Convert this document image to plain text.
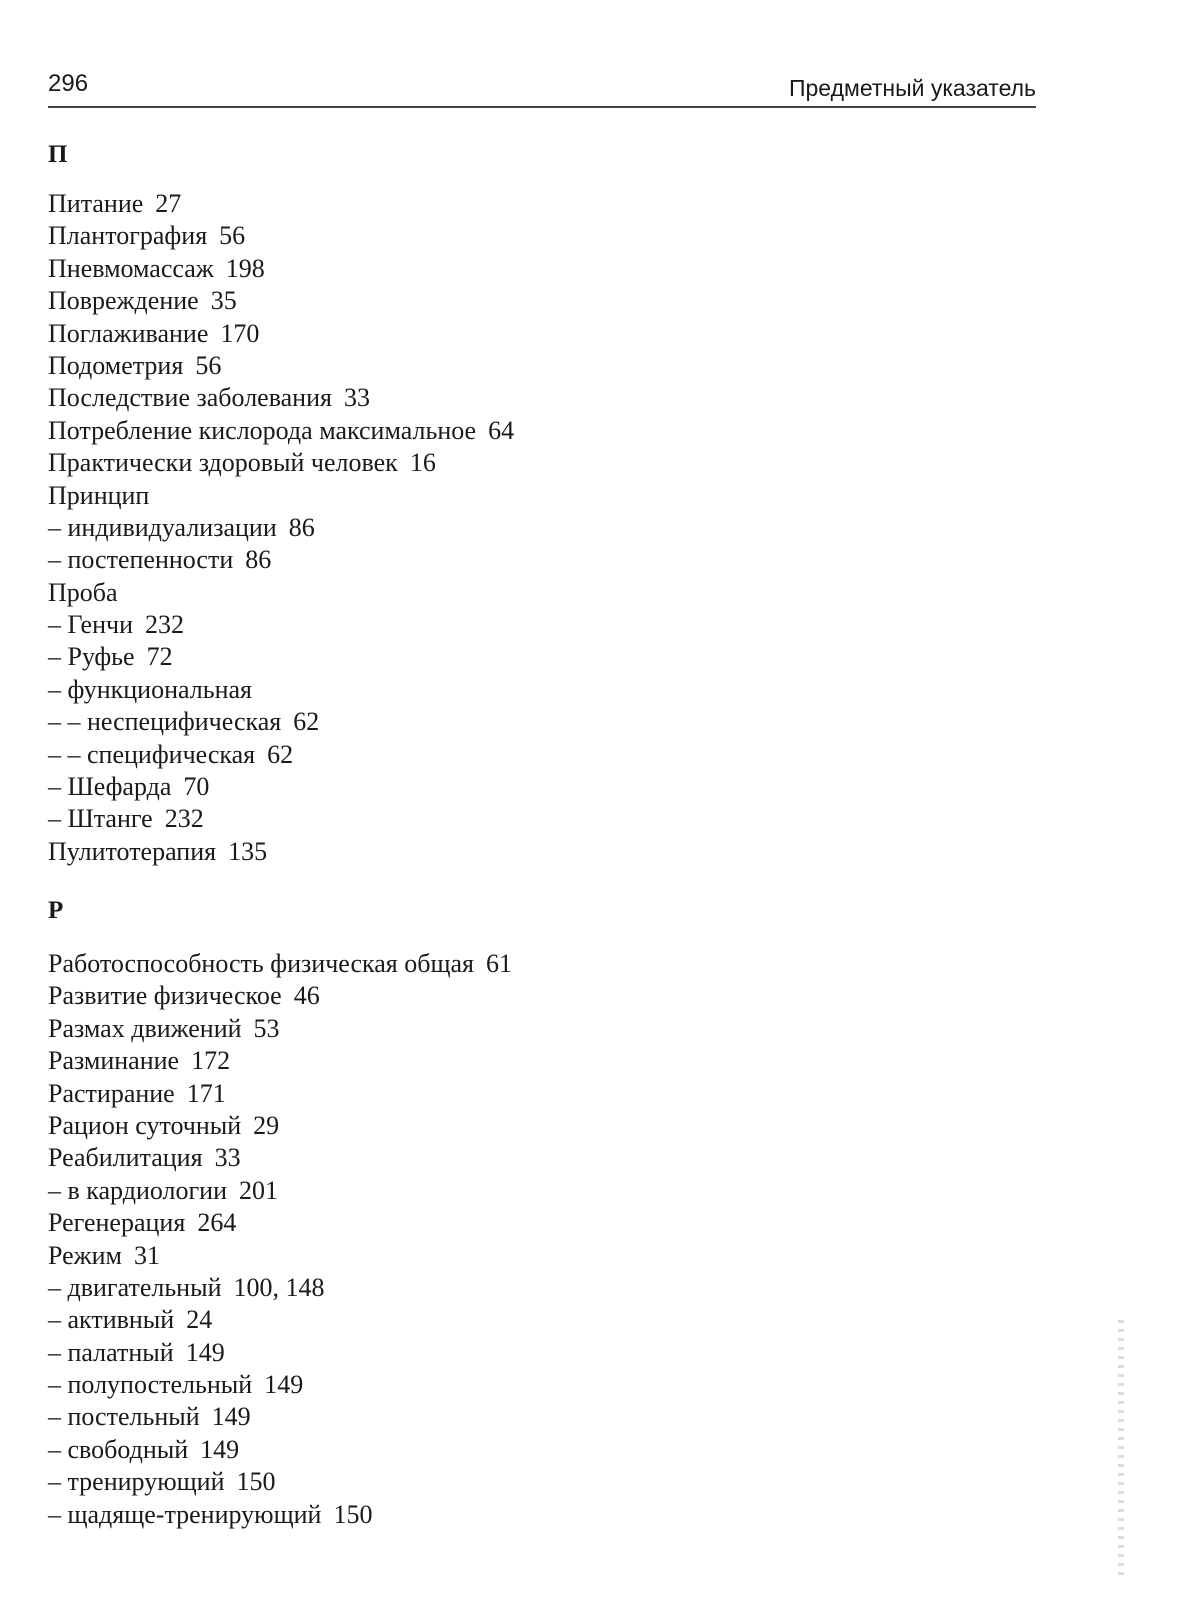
296	Предметный указатель
П
Питание 27
Плантография 56
Пневмомассаж 198
Повреждение 35
Поглаживание 170
Подометрия 56
Последствие заболевания 33
Потребление кислорода максимальное 64
Практически здоровый человек 16
Принцип
– индивидуализации 86
– постепенности 86
Проба
– Генчи 232
– Руфье 72
– функциональная
– – неспецифическая 62
– – специфическая 62
– Шефарда 70
– Штанге 232
Пулитотерапия 135
Р
Работоспособность физическая общая 61
Развитие физическое 46
Размах движений 53
Разминание 172
Растирание 171
Рацион суточный 29
Реабилитация 33
– в кардиологии 201
Регенерация 264
Режим 31
– двигательный 100, 148
– активный 24
– палатный 149
– полупостельный 149
– постельный 149
– свободный 149
– тренирующий 150
– щадяще-тренирующий 150
